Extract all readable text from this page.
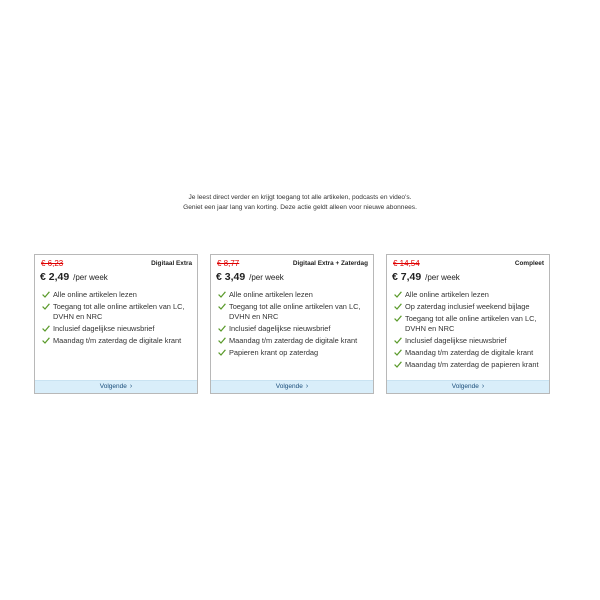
Je leest direct verder en krijgt toegang tot alle artikelen, podcasts en video's.
Geniet een jaar lang van korting. Deze actie geldt alleen voor nieuwe abonnees.
€ 6,23	Digitaal Extra
€ 2,49 /per week
Alle online artikelen lezen
Toegang tot alle online artikelen van LC, DVHN en NRC
Inclusief dagelijkse nieuwsbrief
Maandag t/m zaterdag de digitale krant
Volgende ›
€ 8,77	Digitaal Extra + Zaterdag
€ 3,49 /per week
Alle online artikelen lezen
Toegang tot alle online artikelen van LC, DVHN en NRC
Inclusief dagelijkse nieuwsbrief
Maandag t/m zaterdag de digitale krant
Papieren krant op zaterdag
Volgende ›
€ 14,54	Compleet
€ 7,49 /per week
Alle online artikelen lezen
Op zaterdag inclusief weekend bijlage
Toegang tot alle online artikelen van LC, DVHN en NRC
Inclusief dagelijkse nieuwsbrief
Maandag t/m zaterdag de digitale krant
Maandag t/m zaterdag de papieren krant
Volgende ›
